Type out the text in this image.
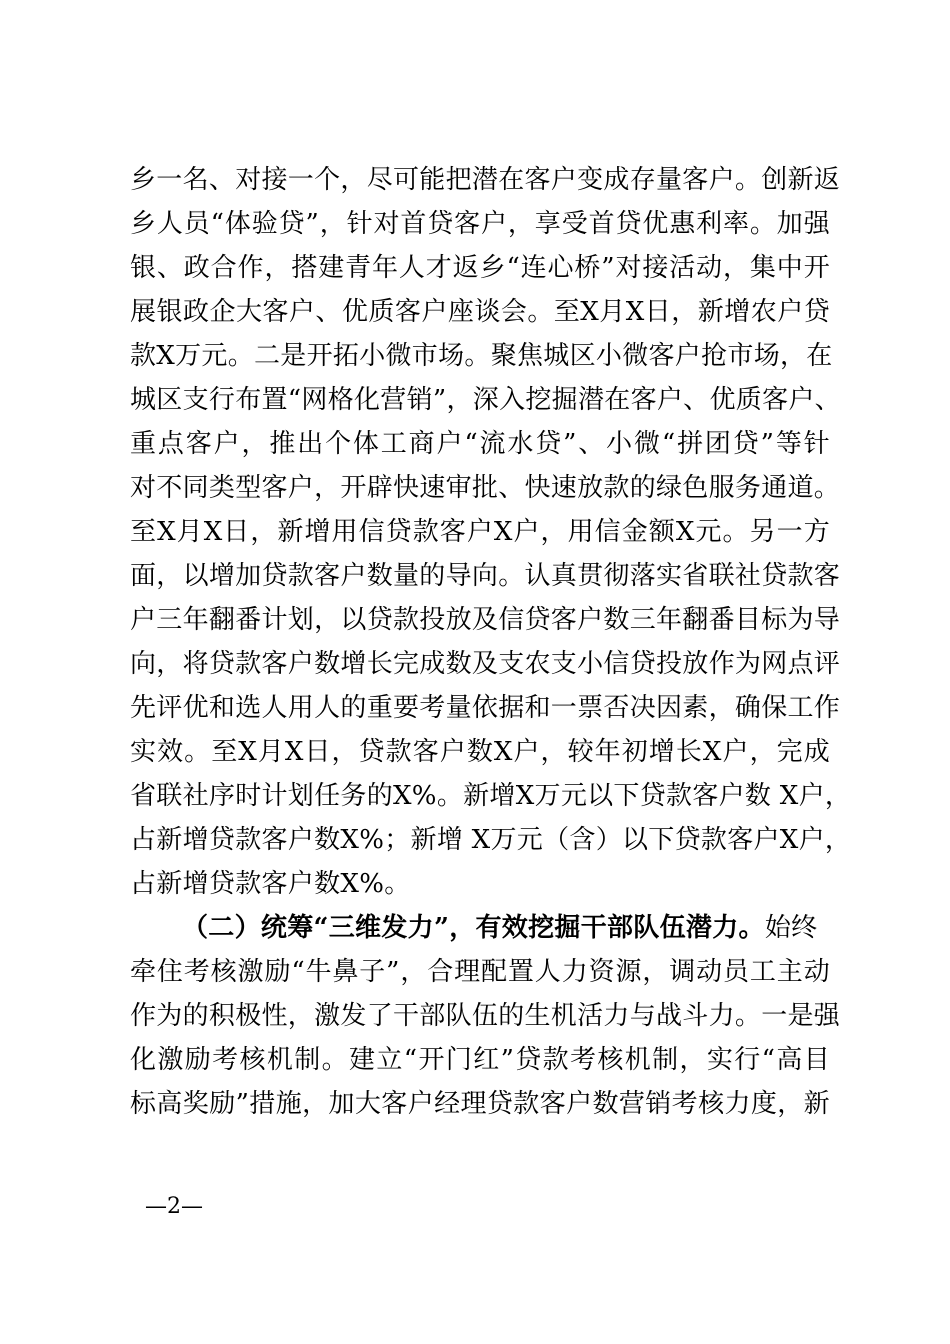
乡一名、对接一个，尽可能把潜在客户变成存量客户。创新返
乡人员“体验贷”，针对首贷客户，享受首贷优惠利率。加强
银、政合作，搭建青年人才返乡“连心桥”对接活动，集中开
展银政企大客户、优质客户座谈会。至X月X日，新增农户贷
款X万元。二是开拓小微市场。聚焦城区小微客户抢市场，在
城区支行布置“网格化营销”，深入挖掘潜在客户、优质客户、
重点客户，推出个体工商户“流水贷”、小微“拼团贷”等针
对不同类型客户，开辟快速审批、快速放款的绿色服务通道。
至X月X日，新增用信贷款客户X户，用信金额X元。另一方
面，以增加贷款客户数量的导向。认真贯彻落实省联社贷款客
户三年翻番计划，以贷款投放及信贷客户数三年翻番目标为导
向，将贷款客户数增长完成数及支农支小信贷投放作为网点评
先评优和选人用人的重要考量依据和一票否决因素，确保工作
实效。至X月X日，贷款客户数X户，较年初增长X户，完成
省联社序时计划任务的X%。新增X万元以下贷款客户数 X户，
占新增贷款客户数X%；新增 X万元（含）以下贷款客户X户，
占新增贷款客户数X%。
（二）统筹“三维发力”，有效挖掘干部队伍潜力。始终
牵住考核激励“牛鼻子”，合理配置人力资源，调动员工主动
作为的积极性，激发了干部队伍的生机活力与战斗力。一是强
化激励考核机制。建立“开门红”贷款考核机制，实行“高目
标高奖励”措施，加大客户经理贷款客户数营销考核力度，新
—2—
